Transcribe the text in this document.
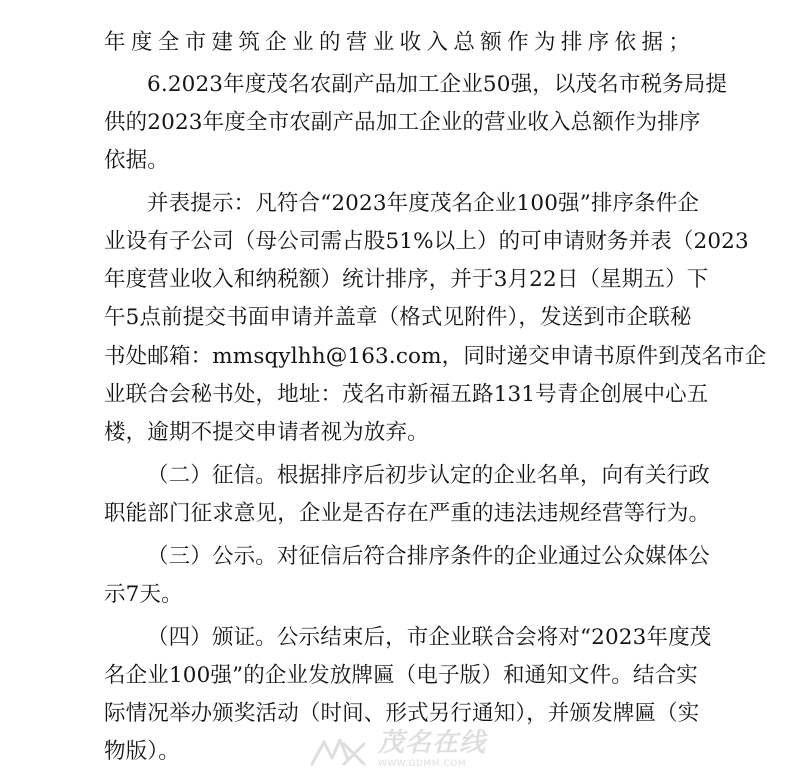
年度全市建筑企业的营业收入总额作为排序依据；
6.2023年度茂名农副产品加工企业50强，以茂名市税务局提
供的2023年度全市农副产品加工企业的营业收入总额作为排序
依据。
并表提示：凡符合“2023年度茂名企业100强”排序条件企
业设有子公司（母公司需占股51%以上）的可申请财务并表（2023
年度营业收入和纳税额）统计排序，并于3月22日（星期五）下
午5点前提交书面申请并盖章（格式见附件），发送到市企联秘
书处邮箱：mmsqylhh@163.com，同时递交申请书原件到茂名市企
业联合会秘书处，地址：茂名市新福五路131号青企创展中心五
楼，逾期不提交申请者视为放弃。
（二）征信。根据排序后初步认定的企业名单，向有关行政
职能部门征求意见，企业是否存在严重的违法违规经营等行为。
（三）公示。对征信后符合排序条件的企业通过公众媒体公
示7天。
（四）颁证。公示结束后，市企业联合会将对“2023年度茂
名企业100强”的企业发放牌匾（电子版）和通知文件。结合实
际情况举办颁奖活动（时间、形式另行通知），并颁发牌匾（实
物版）。	茂名在线
WWW.GDMM.COM
